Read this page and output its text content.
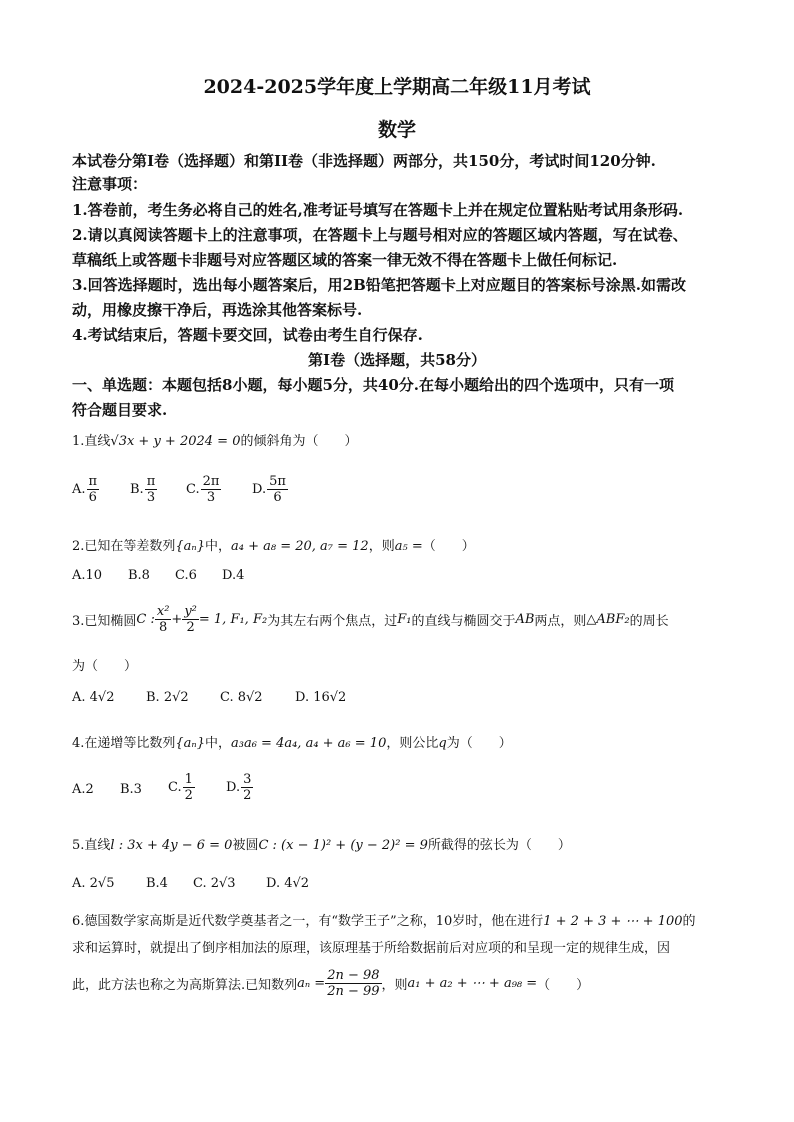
2024-2025学年度上学期高二年级11月考试
数学
本试卷分第I卷（选择题）和第II卷（非选择题）两部分，共150分，考试时间120分钟.
注意事项：
1.答卷前，考生务必将自己的姓名,准考证号填写在答题卡上并在规定位置粘贴考试用条形码.
2.请以真阅读答题卡上的注意事项，在答题卡上与题号相对应的答题区域内答题，写在试卷、
草稿纸上或答题卡非题号对应答题区域的答案一律无效不得在答题卡上做任何标记.
3.回答选择题时，选出每小题答案后，用2B铅笔把答题卡上对应题目的答案标号涂黑.如需改
动，用橡皮擦干净后，再选涂其他答案标号.
4.考试结束后，答题卡要交回，试卷由考生自行保存.
第I卷（选择题，共58分）
一、单选题：本题包括8小题，每小题5分，共40分.在每小题给出的四个选项中，只有一项
符合题目要求.
1.直线√3x + y + 2024 = 0的倾斜角为（　　）
A. $\frac{\pi}{6} B$. $\frac{\pi}{3} C$. $\frac{2\pi}{3} D$. $\frac{5\pi}{6}$
2.已知在等差数列{aₙ}中，a₄ + a₈ = 20, a₇ = 12，则a₅ =（　　）
A.10 B.8 C.6 D.4
3.已知椭圆 C : $\frac{\text{x²}}{8} + \frac{\text{y²}}{2} = 1$, F₁, F₂ 为其左右两个焦点，过 F₁ 的直线与椭圆交于 AB 两点，则 △ABF₂ 的周长
为（　　）
A. 4√2 B. 2√2 C. 8√2 D. 16√2
4.在递增等比数列{aₙ}中，a₃a₆ = 4a₄, a₄ + a₆ = 10，则公比q为（　　）
A.2 B.3 C. $\frac{1}{2} D$. $\frac{3}{2}$
5.直线l : 3x + 4y − 6 = 0被圆C : (x − 1)² + (y − 2)² = 9所截得的弦长为（　　）
A. 2√5 B.4 C. 2√3 D. 4√2
6.德国数学家高斯是近代数学奠基者之一，有“数学王子”之称，10岁时，他在进行1 + 2 + 3 + ⋯ + 100的
求和运算时，就提出了倒序相加法的原理，该原理基于所给数据前后对应项的和呈现一定的规律生成，因
此，此方法也称之为高斯算法.已知数列 $a_n = \frac{2n - 98}{2n - 99}$ ，则 a₁ + a₂ + ⋯ + a₉₈ = （　　）
